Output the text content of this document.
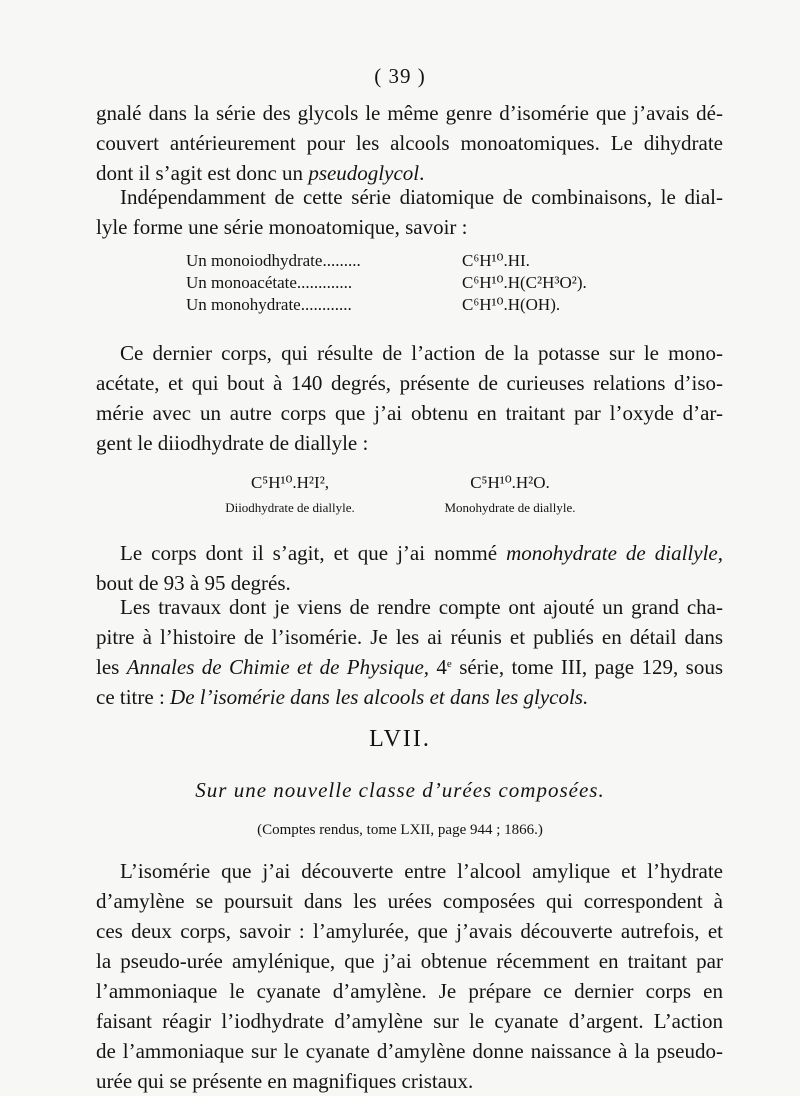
( 39 )
gnalé dans la série des glycols le même genre d’isomérie que j’avais dé-
couvert antérieurement pour les alcools monoatomiques. Le dihydrate
dont il s’agit est donc un pseudoglycol.
Indépendamment de cette série diatomique de combinaisons, le dial-
lyle forme une série monoatomique, savoir :
Un monoiodhydrate.........	C⁶H¹⁰.HI.
Un monoacétate.............	C⁶H¹⁰.H(C²H³O²).
Un monohydrate............	C⁶H¹⁰.H(OH).
Ce dernier corps, qui résulte de l’action de la potasse sur le mono-
acétate, et qui bout à 140 degrés, présente de curieuses relations d’iso-
mérie avec un autre corps que j’ai obtenu en traitant par l’oxyde d’ar-
gent le diiodhydrate de diallyle :
C⁵H¹⁰.H²I²,
Diiodhydrate de diallyle.
C⁵H¹⁰.H²O.
Monohydrate de diallyle.
Le corps dont il s’agit, et que j’ai nommé monohydrate de diallyle,
bout de 93 à 95 degrés.
Les travaux dont je viens de rendre compte ont ajouté un grand cha-
pitre à l’histoire de l’isomérie. Je les ai réunis et publiés en détail dans
les Annales de Chimie et de Physique, 4e série, tome III, page 129, sous
ce titre : De l’isomérie dans les alcools et dans les glycols.
LVII.
Sur une nouvelle classe d’urées composées.
(Comptes rendus, tome LXII, page 944 ; 1866.)
L’isomérie que j’ai découverte entre l’alcool amylique et l’hydrate
d’amylène se poursuit dans les urées composées qui correspondent à
ces deux corps, savoir : l’amylurée, que j’avais découverte autrefois, et
la pseudo-urée amylénique, que j’ai obtenue récemment en traitant par
l’ammoniaque le cyanate d’amylène. Je prépare ce dernier corps en
faisant réagir l’iodhydrate d’amylène sur le cyanate d’argent. L’action
de l’ammoniaque sur le cyanate d’amylène donne naissance à la pseudo-
urée qui se présente en magnifiques cristaux.
